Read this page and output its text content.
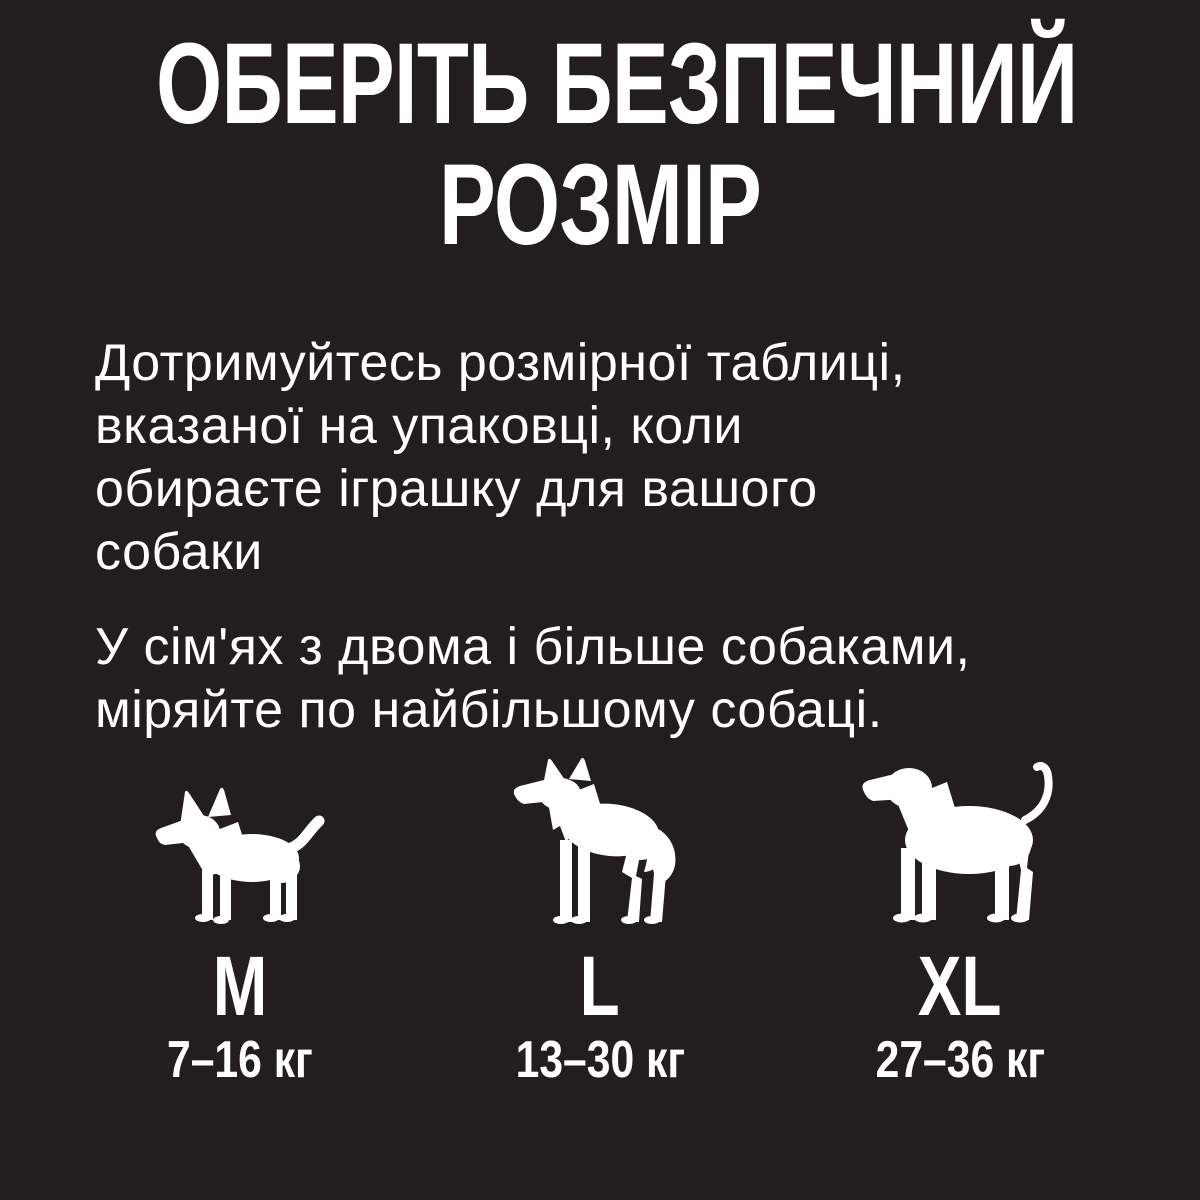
ОБЕРІТЬ БЕЗПЕЧНИЙ
РОЗМІР

Дотримуйтесь розмірної таблиці,
вказаної на упаковці, коли
обираєте іграшку для вашого
собаки

У сім'ях з двома і більше собаками,
міряйте по найбільшому собаці.

M
7–16 кг
L
13–30 кг
XL
27–36 кг
